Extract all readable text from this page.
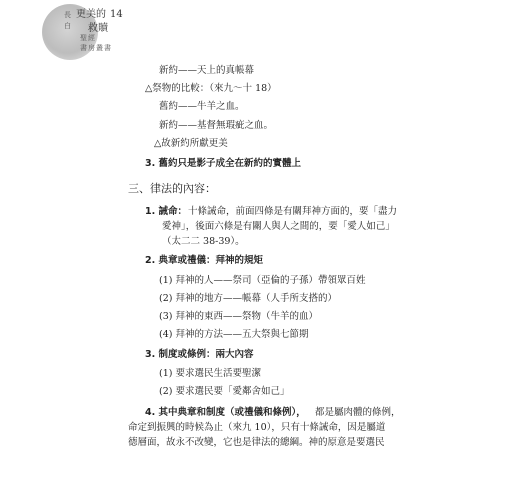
更美的 14
救贖
長
白
聖 經
書 房 叢 書
新約——天上的真帳幕
△祭物的比較：（來九～十 18）
舊約——牛羊之血。
新約——基督無瑕疵之血。
△故新約所獻更美
3. 舊約只是影子成全在新約的實體上
三、律法的內容：
1. 誡命： 十條誡命，前面四條是有關拜神方面的，要「盡力
愛神」，後面六條是有關人與人之間的，要「愛人如己」
（太二二 38-39）。
2. 典章或禮儀：拜神的規矩
(1) 拜神的人——祭司（亞倫的子孫）帶領眾百姓
(2) 拜神的地方——帳幕（人手所支搭的）
(3) 拜神的東西——祭物（牛羊的血）
(4) 拜神的方法——五大祭與七節期
3. 制度或條例：兩大內容
(1) 要求選民生活要聖潔
(2) 要求選民要「愛鄰舍如己」
4. 其中典章和制度（或禮儀和條例）， 都是屬肉體的條例，
命定到振興的時候為止（來九 10），只有十條誡命，因是屬道
德層面，故永不改變，它也是律法的總綱。神的原意是要選民
